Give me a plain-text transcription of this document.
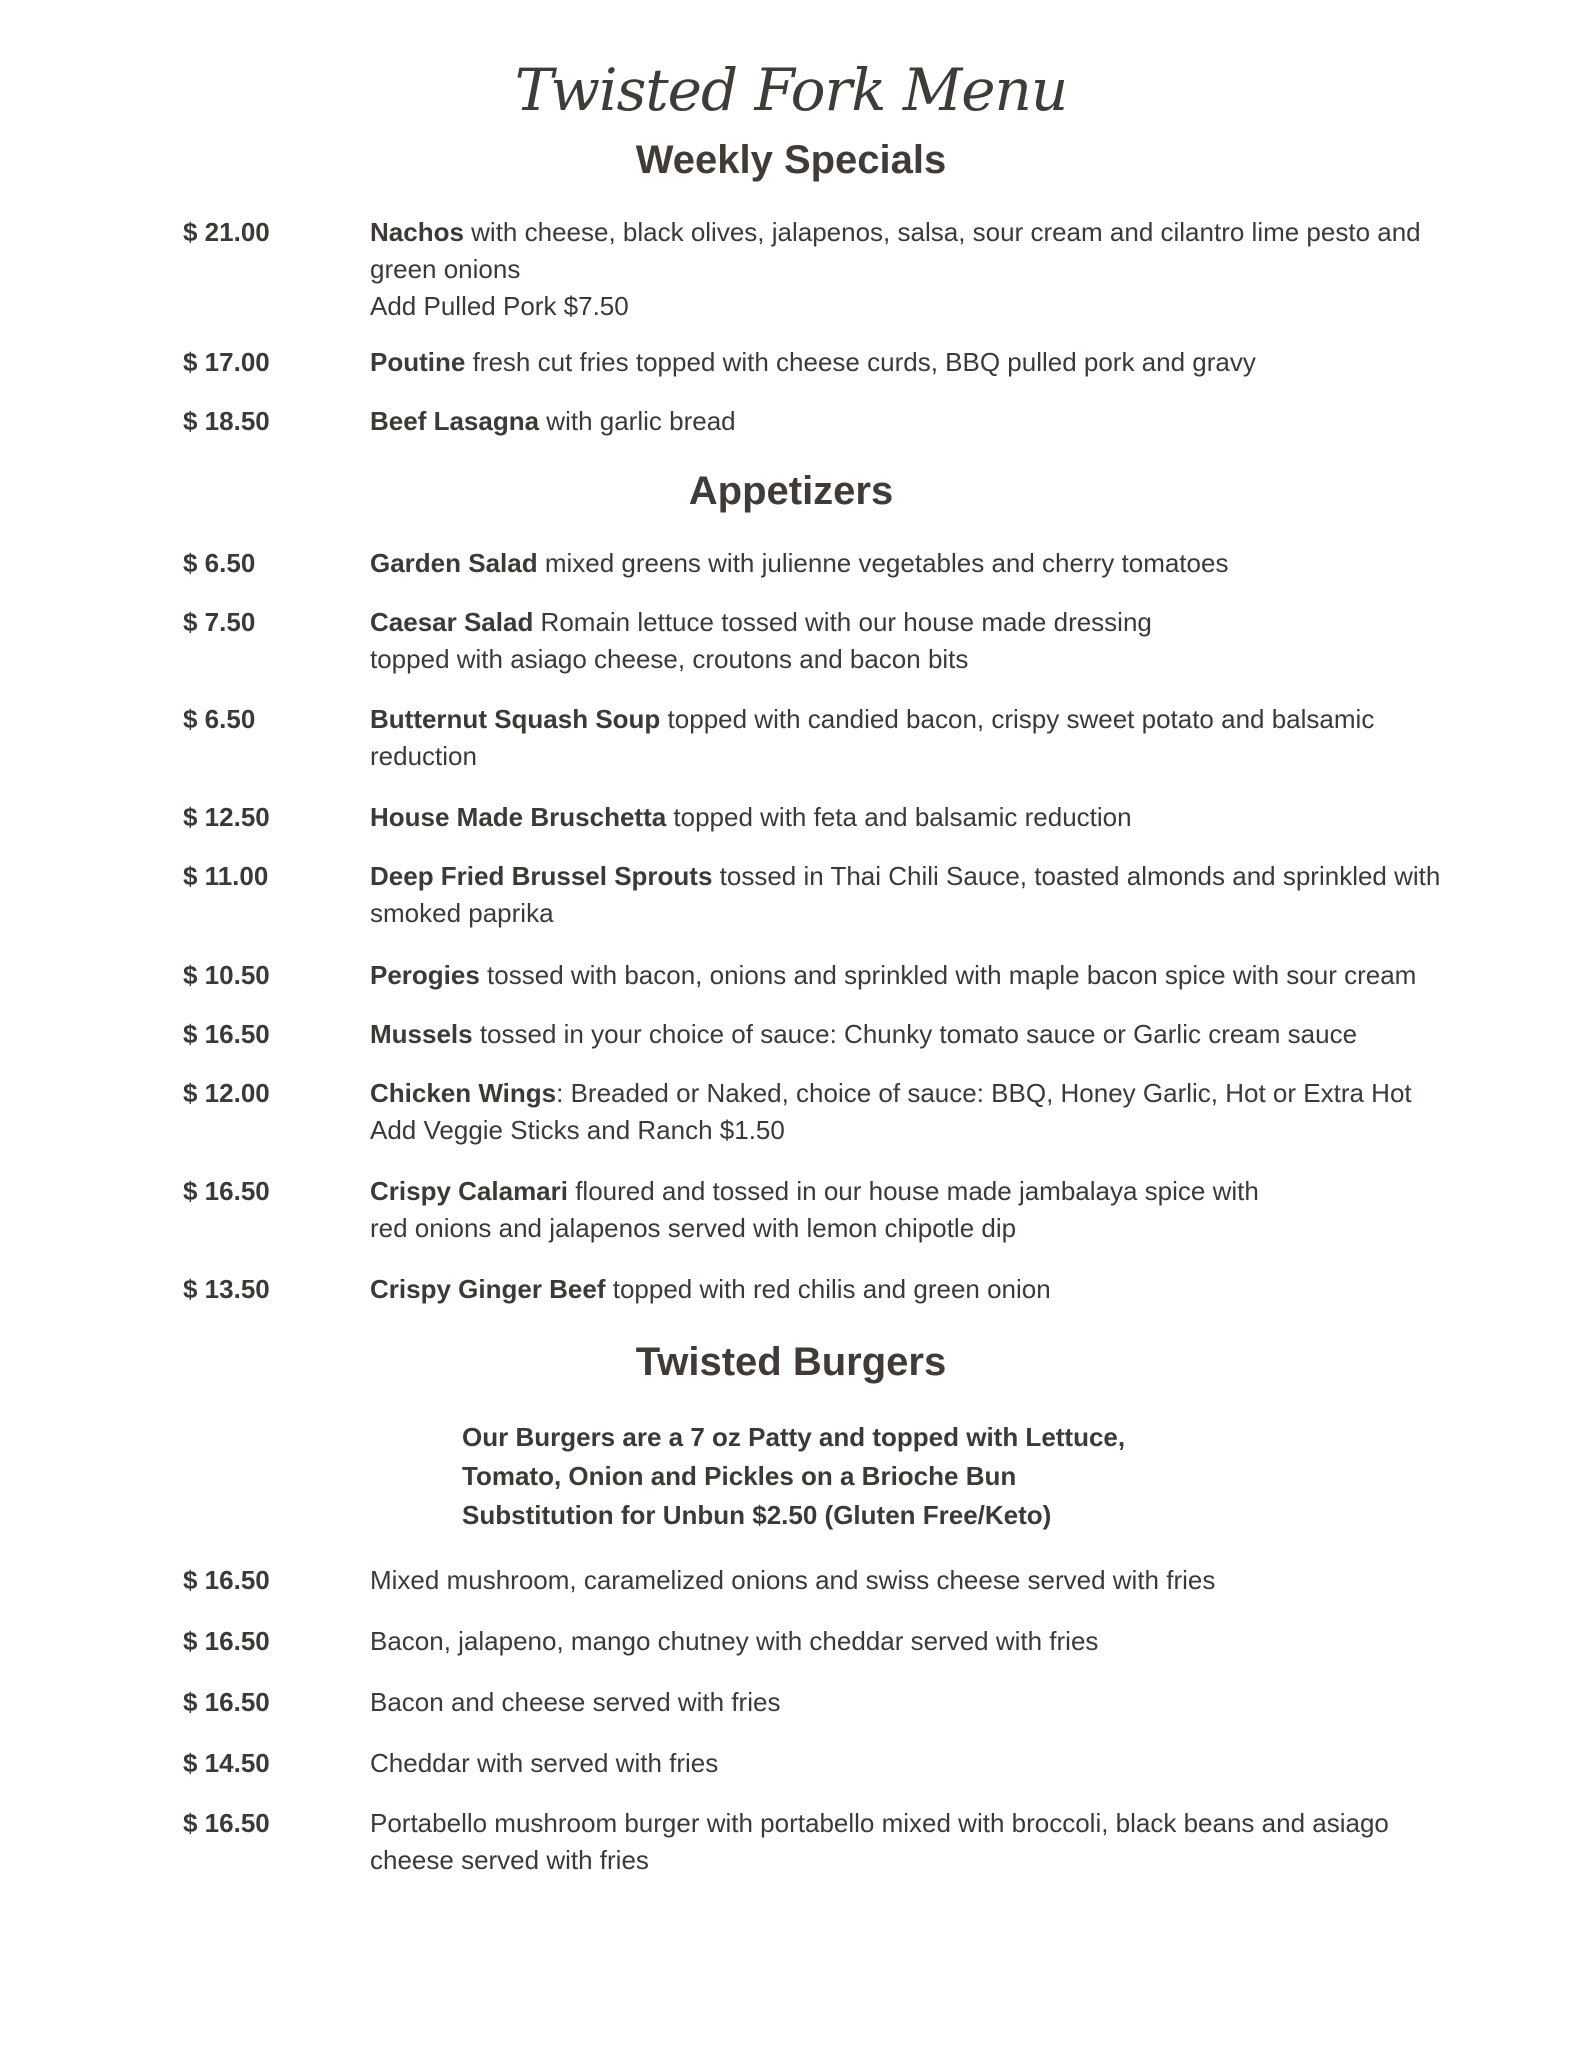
Twisted Fork Menu
Weekly Specials
$ 21.00	Nachos with cheese, black olives, jalapenos, salsa, sour cream and cilantro lime pesto and
green onions
Add Pulled Pork $7.50
$ 17.00	Poutine fresh cut fries topped with cheese curds, BBQ pulled pork and gravy
$ 18.50	Beef Lasagna with garlic bread
Appetizers
$ 6.50	Garden Salad mixed greens with julienne vegetables and cherry tomatoes
$ 7.50	Caesar Salad Romain lettuce tossed with our house made dressing
topped with asiago cheese, croutons and bacon bits
$ 6.50	Butternut Squash Soup topped with candied bacon, crispy sweet potato and balsamic
reduction
$ 12.50	House Made Bruschetta topped with feta and balsamic reduction
$ 11.00	Deep Fried Brussel Sprouts tossed in Thai Chili Sauce, toasted almonds and sprinkled with
smoked paprika
$ 10.50	Perogies tossed with bacon, onions and sprinkled with maple bacon spice with sour cream
$ 16.50	Mussels tossed in your choice of sauce: Chunky tomato sauce or Garlic cream sauce
$ 12.00	Chicken Wings: Breaded or Naked, choice of sauce: BBQ, Honey Garlic, Hot or Extra Hot
Add Veggie Sticks and Ranch $1.50
$ 16.50	Crispy Calamari floured and tossed in our house made jambalaya spice with
red onions and jalapenos served with lemon chipotle dip
$ 13.50	Crispy Ginger Beef topped with red chilis and green onion
Twisted Burgers
Our Burgers are a 7 oz Patty and topped with Lettuce,
Tomato, Onion and Pickles on a Brioche Bun
Substitution for Unbun $2.50 (Gluten Free/Keto)
$ 16.50	Mixed mushroom, caramelized onions and swiss cheese served with fries
$ 16.50	Bacon, jalapeno, mango chutney with cheddar served with fries
$ 16.50	Bacon and cheese served with fries
$ 14.50	Cheddar with served with fries
$ 16.50	Portabello mushroom burger with portabello mixed with broccoli, black beans and asiago
cheese served with fries
